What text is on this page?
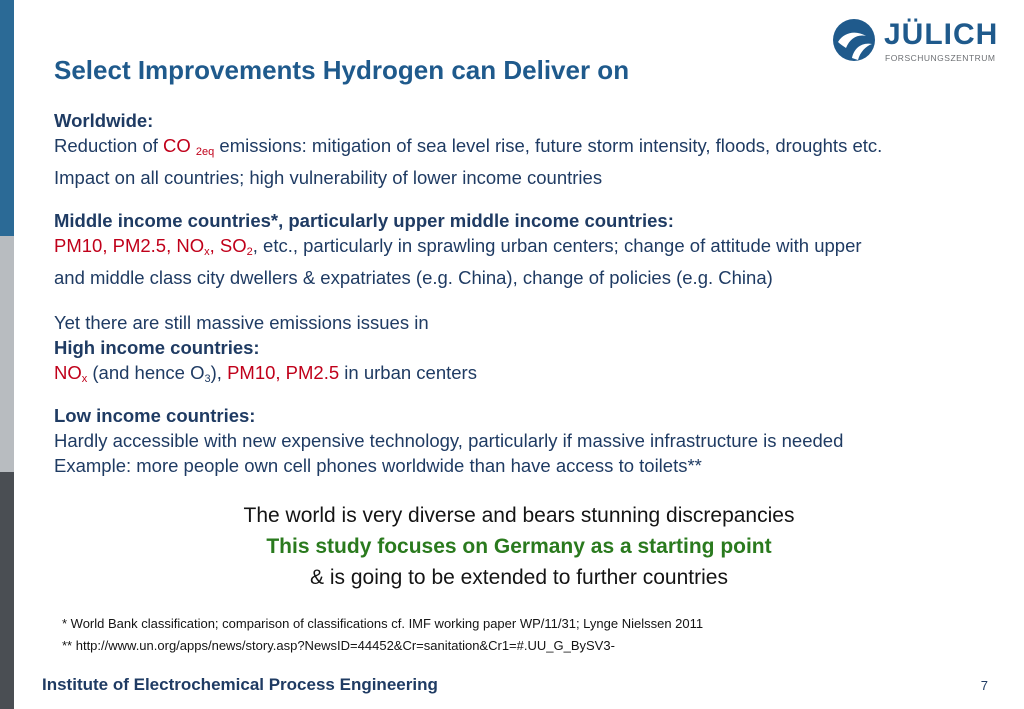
Select Improvements Hydrogen can Deliver on
JÜLICH
FORSCHUNGSZENTRUM
Worldwide:
Reduction of CO $_{2eq}$ emissions: mitigation of sea level rise, future storm intensity, floods, droughts etc.
Impact on all countries; high vulnerability of lower income countries
Middle income countries*, particularly upper middle income countries:
PM10, PM2.5, $NO_x$, $SO_2$, etc., particularly in sprawling urban centers; change of attitude with upper
and middle class city dwellers & expatriates (e.g. China), change of policies (e.g. China)
Yet there are still massive emissions issues in
High income countries:
$NO_x$ (and hence $O_3$), PM10, PM2.5 in urban centers
Low income countries:
Hardly accessible with new expensive technology, particularly if massive infrastructure is needed
Example: more people own cell phones worldwide than have access to toilets**
The world is very diverse and bears stunning discrepancies
This study focuses on Germany as a starting point
& is going to be extended to further countries
* World Bank classification; comparison of classifications cf. IMF working paper WP/11/31; Lynge Nielssen 2011
** http://www.un.org/apps/news/story.asp?NewsID=44452&Cr=sanitation&Cr1=#.UU_G_BySV3-
Institute of Electrochemical Process Engineering	7
